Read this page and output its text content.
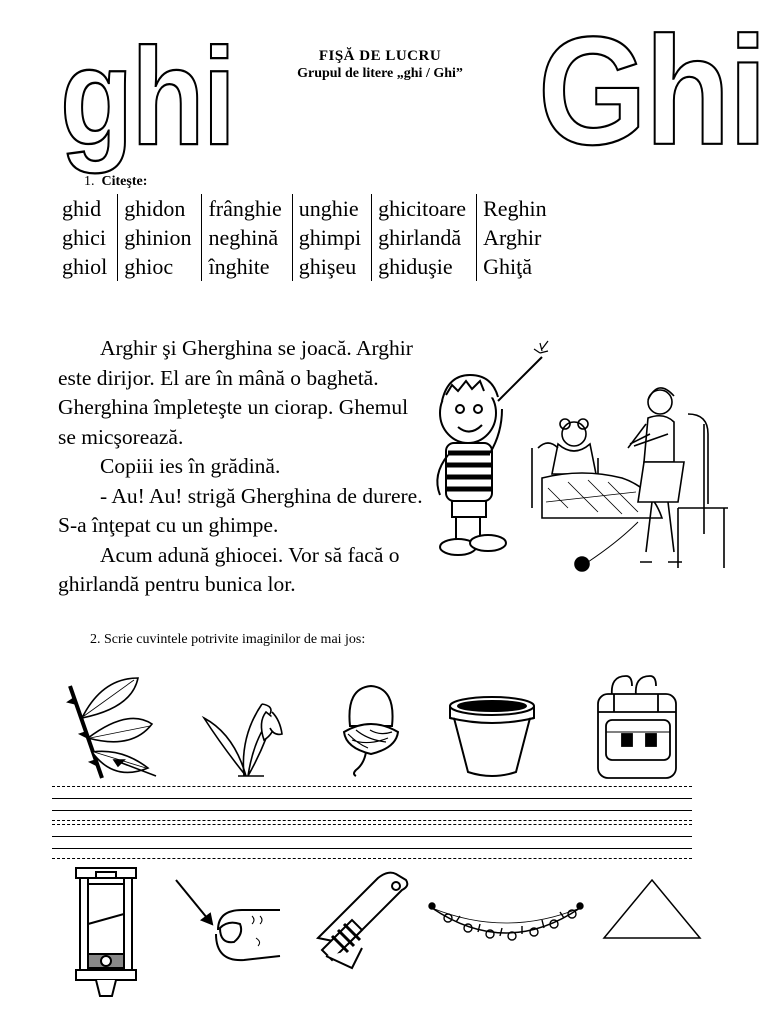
ghi	FIŞĂ DE LUCRU
Grupul de litere „ghi / Ghi” Ghi
1. Citeşte:
ghid	ghidon	frânghie	unghie	ghicitoare	Reghin
ghici	ghinion	neghină	ghimpi	ghirlandă	Arghir
ghiol	ghioc	înghite	ghişeu	ghiduşie	Ghiţă

Arghir şi Gherghina se joacă. Arghir este dirijor. El are în mână o baghetă. Gherghina împleteşte un ciorap. Ghemul se micşorează.

Copiii ies în grădină.

- Au! Au! strigă Gherghina de durere. S-a înţepat cu un ghimpe.

Acum adună ghiocei. Vor să facă o ghirlandă pentru bunica lor.

2. Scrie cuvintele potrivite imaginilor de mai jos:
